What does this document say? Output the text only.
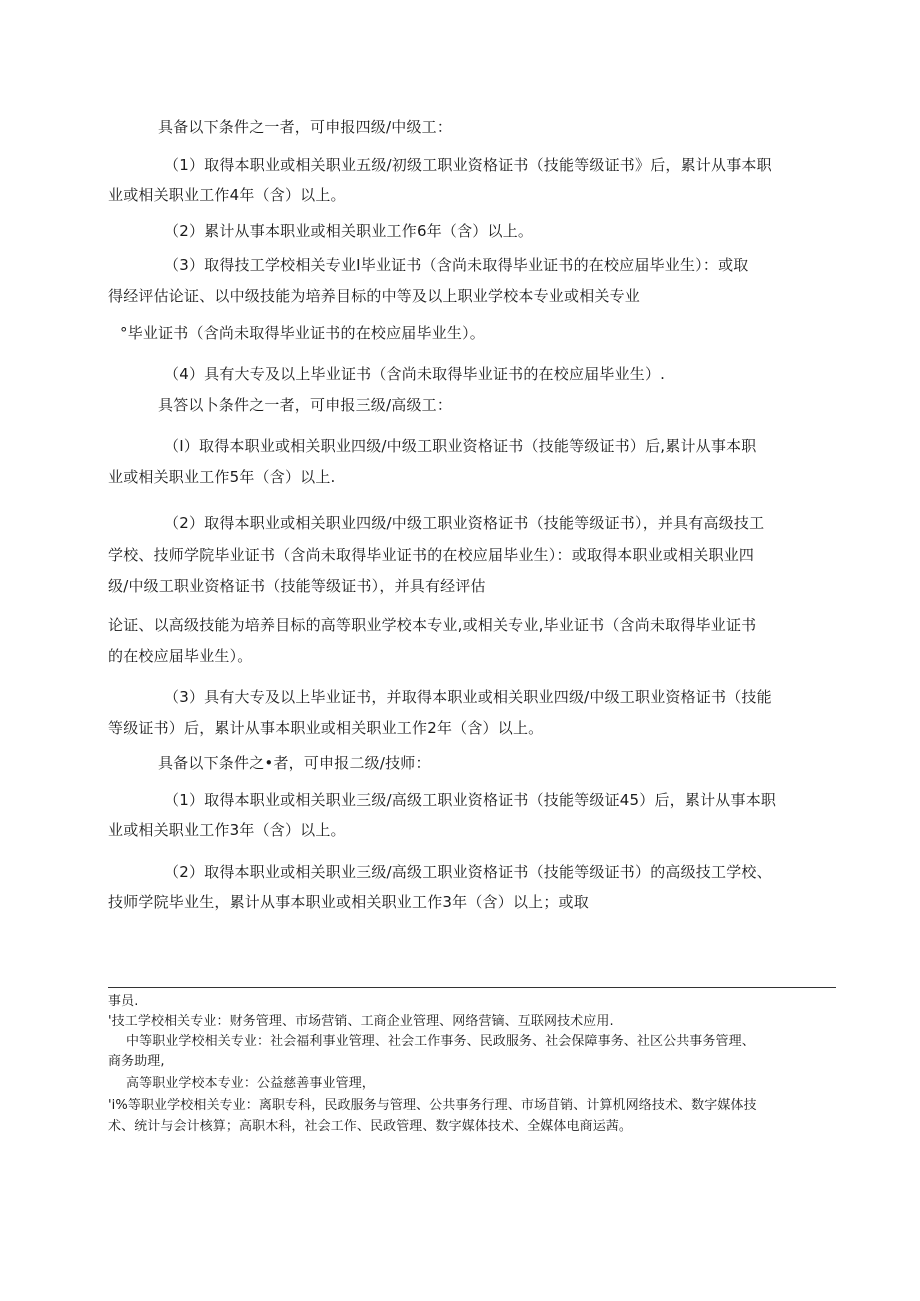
具备以下条件之一者，可申报四级/中级工：
（1）取得本职业或相关职业五级/初级工职业资格证书（技能等级证书》后，累计从事本职
业或相关职业工作4年（含）以上。
（2）累计从事本职业或相关职业工作6年（含）以上。
（3）取得技工学校相关专业I毕业证书（含尚未取得毕业证书的在校应届毕业生）：或取
得经评估论证、以中级技能为培养目标的中等及以上职业学校本专业或相关专业
°毕业证书（含尚未取得毕业证书的在校应届毕业生）。
（4）具有大专及以上毕业证书（含尚未取得毕业证书的在校应届毕业生）.
具答以卜条件之一者，可申报三级/高级工：
（I）取得本职业或相关职业四级/中级工职业资格证书（技能等级证书）后,累计从事本职
业或相关职业工作5年（含）以上.
（2）取得本职业或相关职业四级/中级工职业资格证书（技能等级证书），并具有高级技工
学校、技师学院毕业证书（含尚未取得毕业证书的在校应届毕业生）：或取得本职业或相关职业四
级/中级工职业资格证书（技能等级证书），并具有经评估
论证、以高级技能为培养目标的高等职业学校本专业,或相关专业,毕业证书（含尚未取得毕业证书
的在校应届毕业生）。
（3）具有大专及以上毕业证书，并取得本职业或相关职业四级/中级工职业资格证书（技能
等级证书）后，累计从事本职业或相关职业工作2年（含）以上。
具备以下条件之•者，可申报二级/技师：
（1）取得本职业或相关职业三级/高级工职业资格证书（技能等级证45）后，累计从事本职
业或相关职业工作3年（含）以上。
（2）取得本职业或相关职业三级/高级工职业资格证书（技能等级证书）的高级技工学校、
技师学院毕业生，累计从事本职业或相关职业工作3年（含）以上；或取
事员.
'技工学校相关专业：财务管理、市场营销、工商企业管理、网络营镝、互联网技术应用.
中等职业学校相关专业：社会福利事业管理、社会工作事务、民政服务、社会保障事务、社区公共事务管理、
商务助理,
高等职业学校本专业：公益慈善事业管理，
'i%等职业学校相关专业：离职专科，民政服务与管理、公共事务行理、市场苜销、计算机网络技术、数字媒体技
术、统计与会计核算；高职木科，社会工作、民政管理、数字媒体技术、全媒体电商运茜。
